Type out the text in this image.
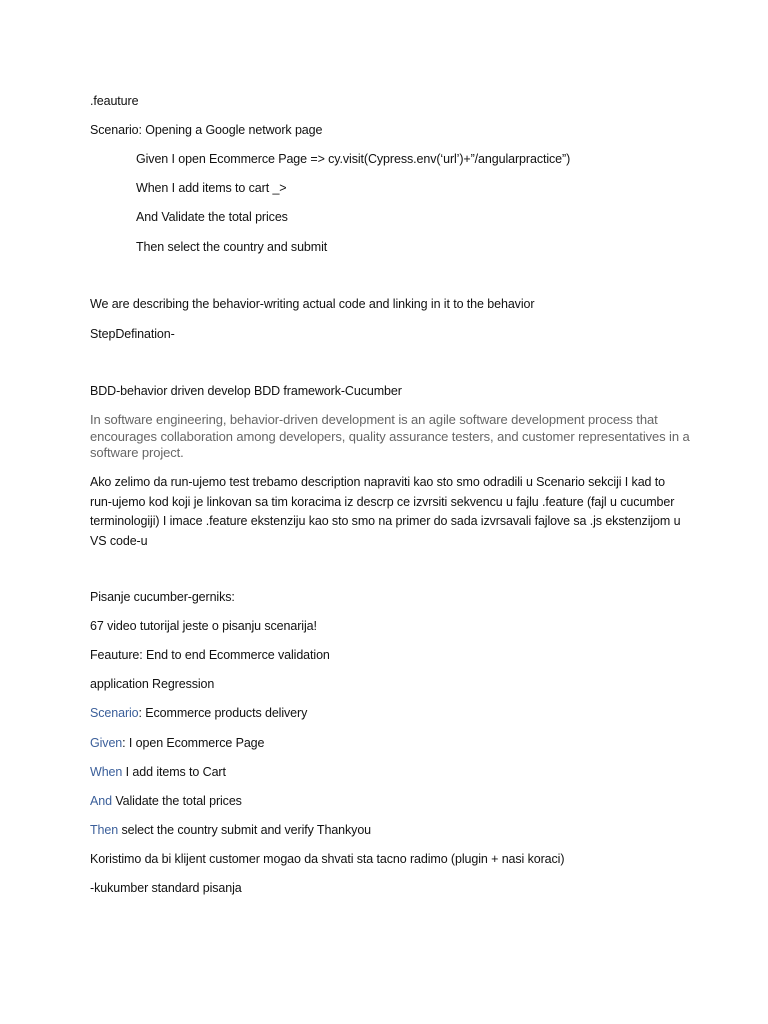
.feauture
Scenario: Opening a Google network page
Given I open Ecommerce Page => cy.visit(Cypress.env(‘url’)+”/angularpractice”)
When I add items to cart _>
And Validate the total prices
Then select the country and submit
We are describing the behavior-writing actual code and linking in it to the behavior
StepDefination-
BDD-behavior driven develop BDD framework-Cucumber
In software engineering, behavior-driven development is an agile software development process that encourages collaboration among developers, quality assurance testers, and customer representatives in a software project.
Ako zelimo da run-ujemo test trebamo description napraviti kao sto smo odradili u Scenario sekciji I kad to run-ujemo kod koji je linkovan sa tim koracima iz descrp ce izvrsiti sekvencu u fajlu .feature (fajl u cucumber terminologiji) I imace .feature ekstenziju kao sto smo na primer do sada izvrsavali fajlove sa .js ekstenzijom u VS code-u
Pisanje cucumber-gerniks:
67 video tutorijal jeste o pisanju scenarija!
Feauture: End to end Ecommerce validation
application Regression
Scenario: Ecommerce products delivery
Given: I open Ecommerce Page
When I add items to Cart
And Validate the total prices
Then select the country submit and verify Thankyou
Koristimo da bi klijent customer mogao da shvati sta tacno radimo (plugin + nasi koraci)
-kukumber standard pisanja
